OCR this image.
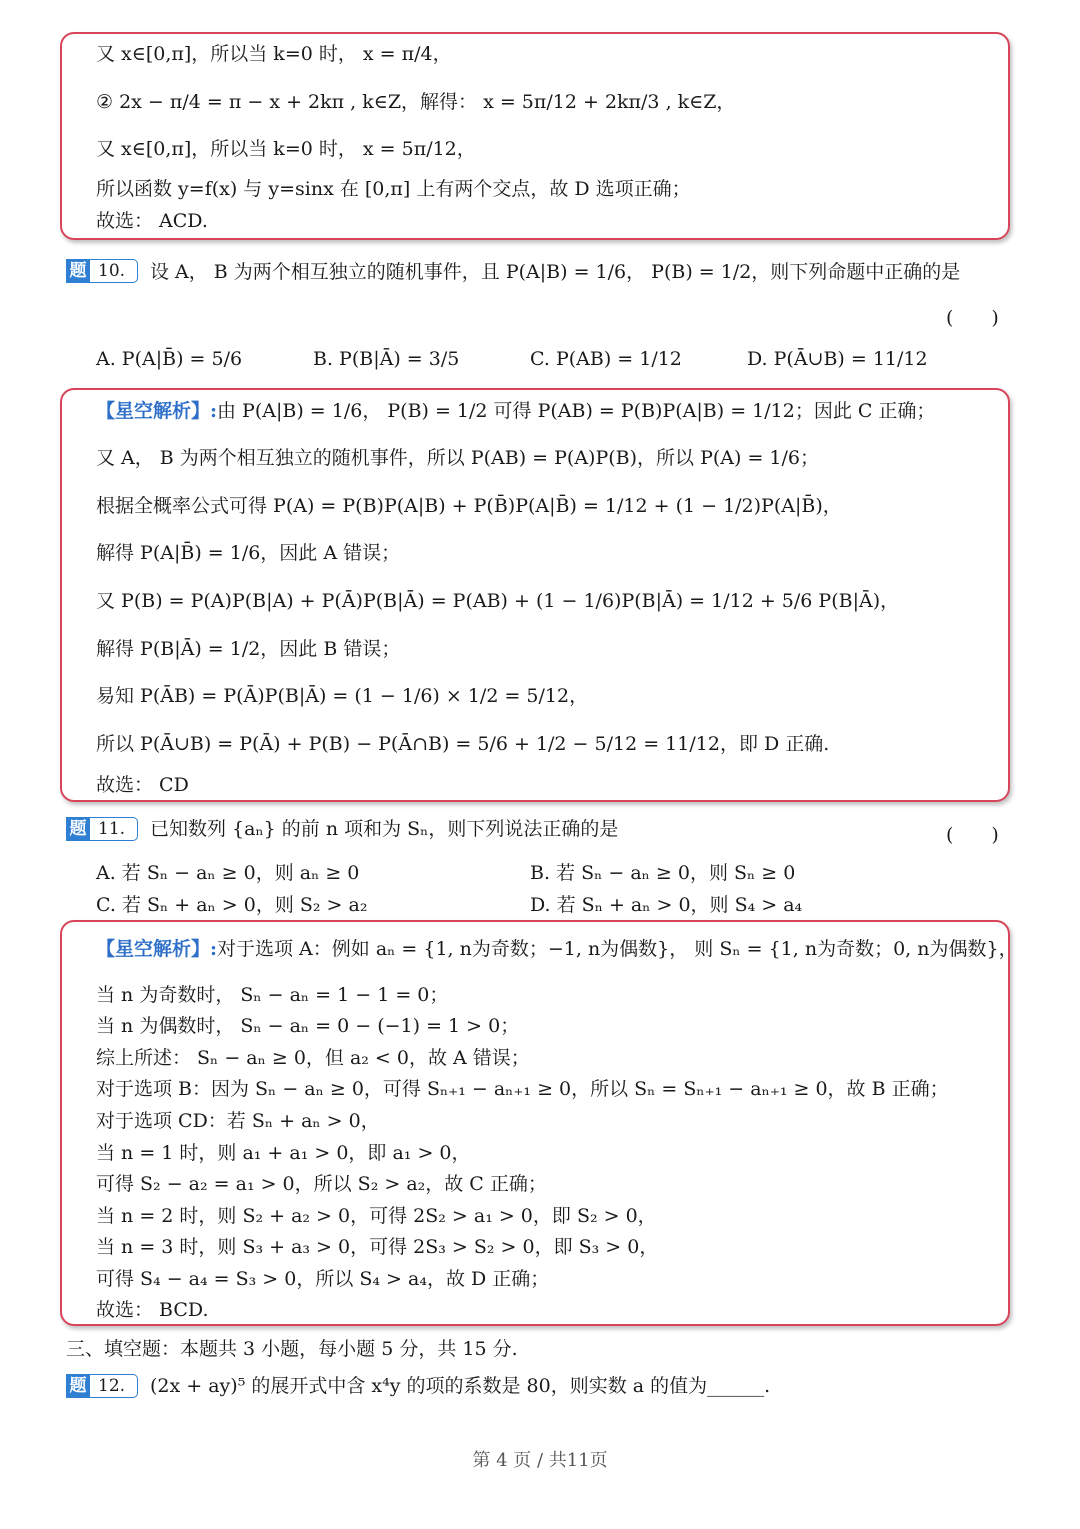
又 x∈[0,π]，所以当 k=0 时， x = π/4，
② 2x − π/4 = π − x + 2kπ , k∈Z，解得： x = 5π/12 + 2kπ/3 , k∈Z，
又 x∈[0,π]，所以当 k=0 时， x = 5π/12，
所以函数 y=f(x) 与 y=sinx 在 [0,π] 上有两个交点，故 D 选项正确；
故选： ACD.
题 10.	设 A， B 为两个相互独立的随机事件，且 P(A|B) = 1/6， P(B) = 1/2，则下列命题中正确的是
(　　)
A. P(A|B̄) = 5/6	B. P(B|Ā) = 3/5	C. P(AB) = 1/12	D. P(Ā∪B) = 11/12
【星空解析】:由 P(A|B) = 1/6， P(B) = 1/2 可得 P(AB) = P(B)P(A|B) = 1/12；因此 C 正确；
又 A， B 为两个相互独立的随机事件，所以 P(AB) = P(A)P(B)，所以 P(A) = 1/6；
根据全概率公式可得 P(A) = P(B)P(A|B) + P(B̄)P(A|B̄) = 1/12 + (1 − 1/2)P(A|B̄)，
解得 P(A|B̄) = 1/6，因此 A 错误；
又 P(B) = P(A)P(B|A) + P(Ā)P(B|Ā) = P(AB) + (1 − 1/6)P(B|Ā) = 1/12 + 5/6 P(B|Ā)，
解得 P(B|Ā) = 1/2，因此 B 错误；
易知 P(ĀB) = P(Ā)P(B|Ā) = (1 − 1/6) × 1/2 = 5/12，
所以 P(Ā∪B) = P(Ā) + P(B) − P(Ā∩B) = 5/6 + 1/2 − 5/12 = 11/12，即 D 正确.
故选： CD
题 11.	已知数列 {aₙ} 的前 n 项和为 Sₙ，则下列说法正确的是	(　　)
A. 若 Sₙ − aₙ ≥ 0，则 aₙ ≥ 0	B. 若 Sₙ − aₙ ≥ 0，则 Sₙ ≥ 0
C. 若 Sₙ + aₙ > 0，则 S₂ > a₂	D. 若 Sₙ + aₙ > 0，则 S₄ > a₄
【星空解析】:对于选项 A：例如 aₙ = {1, n为奇数；−1, n为偶数}， 则 Sₙ = {1, n为奇数；0, n为偶数}，
当 n 为奇数时， Sₙ − aₙ = 1 − 1 = 0；
当 n 为偶数时， Sₙ − aₙ = 0 − (−1) = 1 > 0；
综上所述： Sₙ − aₙ ≥ 0，但 a₂ < 0，故 A 错误；
对于选项 B：因为 Sₙ − aₙ ≥ 0，可得 Sₙ₊₁ − aₙ₊₁ ≥ 0，所以 Sₙ = Sₙ₊₁ − aₙ₊₁ ≥ 0，故 B 正确；
对于选项 CD：若 Sₙ + aₙ > 0，
当 n = 1 时，则 a₁ + a₁ > 0，即 a₁ > 0，
可得 S₂ − a₂ = a₁ > 0，所以 S₂ > a₂，故 C 正确；
当 n = 2 时，则 S₂ + a₂ > 0，可得 2S₂ > a₁ > 0，即 S₂ > 0，
当 n = 3 时，则 S₃ + a₃ > 0，可得 2S₃ > S₂ > 0，即 S₃ > 0，
可得 S₄ − a₄ = S₃ > 0，所以 S₄ > a₄，故 D 正确；
故选： BCD.
三、填空题：本题共 3 小题，每小题 5 分，共 15 分.
题 12.	(2x + ay)⁵ 的展开式中含 x⁴y 的项的系数是 80，则实数 a 的值为______.
第 4 页 / 共11页
